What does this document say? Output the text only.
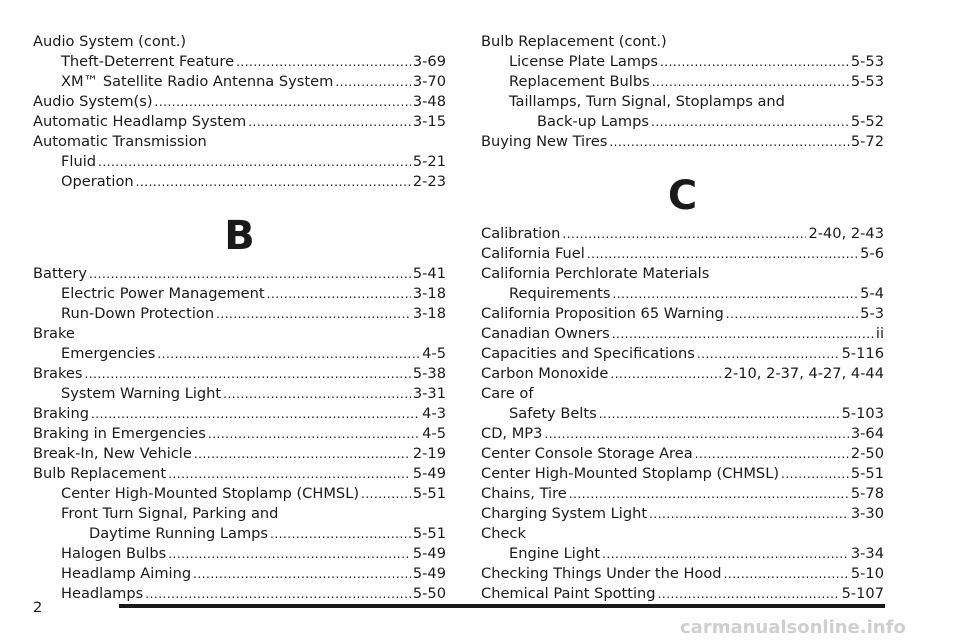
Audio System (cont.)
Theft-Deterrent Feature .....	3-69
XM™ Satellite Radio Antenna System .....	3-70
Audio System(s) .....	3-48
Automatic Headlamp System .....	3-15
Automatic Transmission
Fluid .....	5-21
Operation .....	2-23
B
Battery .....	5-41
Electric Power Management .....	3-18
Run-Down Protection .....	3-18
Brake
Emergencies .....	4-5
Brakes .....	5-38
System Warning Light .....	3-31
Braking .....	4-3
Braking in Emergencies .....	4-5
Break-In, New Vehicle .....	2-19
Bulb Replacement .....	5-49
Center High-Mounted Stoplamp (CHMSL) .....	5-51
Front Turn Signal, Parking and
Daytime Running Lamps .....	5-51
Halogen Bulbs .....	5-49
Headlamp Aiming .....	5-49
Headlamps .....	5-50
Bulb Replacement (cont.)
License Plate Lamps .....	5-53
Replacement Bulbs .....	5-53
Taillamps, Turn Signal, Stoplamps and
Back-up Lamps .....	5-52
Buying New Tires .....	5-72
C
Calibration .....	2-40, 2-43
California Fuel .....	5-6
California Perchlorate Materials
Requirements .....	5-4
California Proposition 65 Warning .....	5-3
Canadian Owners .....	ii
Capacities and Specifications .....	5-116
Carbon Monoxide .....	2-10, 2-37, 4-27, 4-44
Care of
Safety Belts .....	5-103
CD, MP3 .....	3-64
Center Console Storage Area .....	2-50
Center High-Mounted Stoplamp (CHMSL) .....	5-51
Chains, Tire .....	5-78
Charging System Light .....	3-30
Check
Engine Light .....	3-34
Checking Things Under the Hood .....	5-10
Chemical Paint Spotting .....	5-107
2
carmanualsonline.info
